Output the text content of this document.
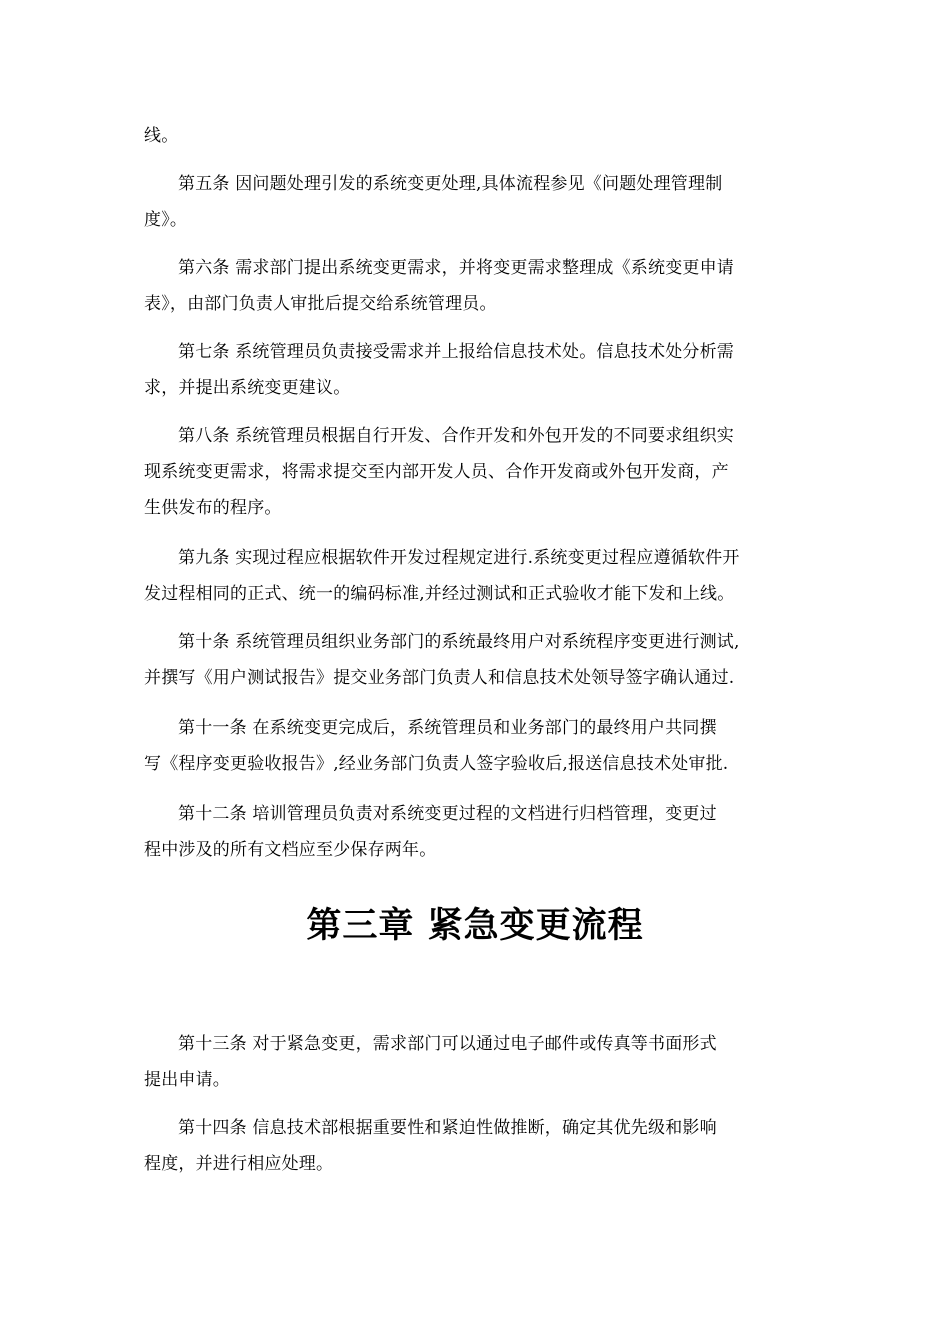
线。

第五条 因问题处理引发的系统变更处理,具体流程参见《问题处理管理制
度》。

第六条 需求部门提出系统变更需求，并将变更需求整理成《系统变更申请
表》，由部门负责人审批后提交给系统管理员。

第七条 系统管理员负责接受需求并上报给信息技术处。信息技术处分析需
求，并提出系统变更建议。

第八条 系统管理员根据自行开发、合作开发和外包开发的不同要求组织实
现系统变更需求，将需求提交至内部开发人员、合作开发商或外包开发商，产
生供发布的程序。

第九条 实现过程应根据软件开发过程规定进行.系统变更过程应遵循软件开
发过程相同的正式、统一的编码标准,并经过测试和正式验收才能下发和上线。

第十条 系统管理员组织业务部门的系统最终用户对系统程序变更进行测试,
并撰写《用户测试报告》提交业务部门负责人和信息技术处领导签字确认通过.

第十一条 在系统变更完成后，系统管理员和业务部门的最终用户共同撰
写《程序变更验收报告》,经业务部门负责人签字验收后,报送信息技术处审批.

第十二条 培训管理员负责对系统变更过程的文档进行归档管理，变更过
程中涉及的所有文档应至少保存两年。

第三章 紧急变更流程

第十三条 对于紧急变更，需求部门可以通过电子邮件或传真等书面形式
提出申请。

第十四条 信息技术部根据重要性和紧迫性做推断，确定其优先级和影响
程度，并进行相应处理。
